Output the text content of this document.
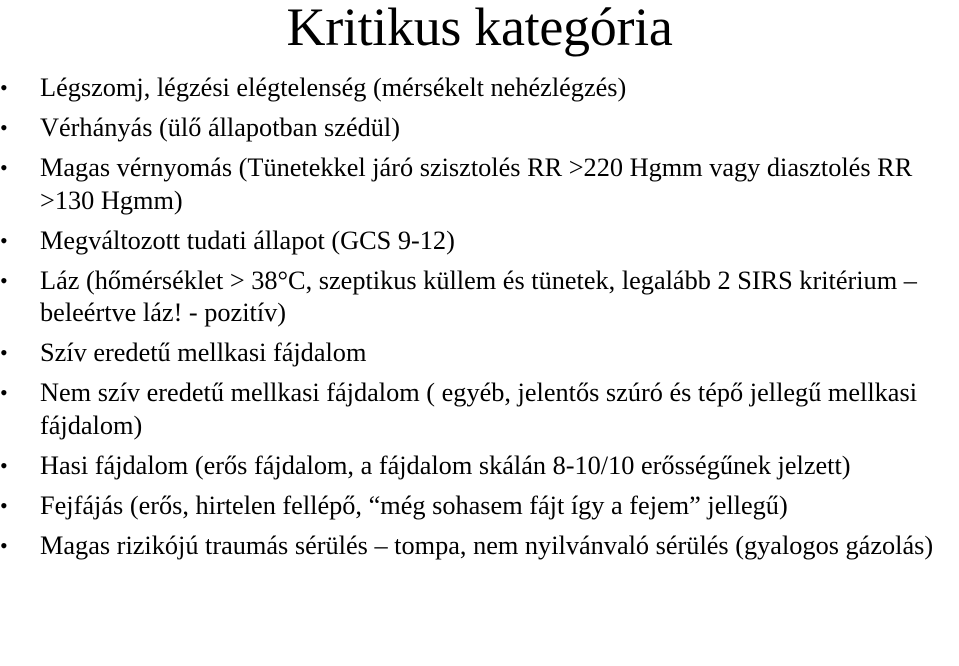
Kritikus kategória
• Légszomj, légzési elégtelenség (mérsékelt nehézlégzés)
• Vérhányás (ülő állapotban szédül)
• Magas vérnyomás (Tünetekkel járó szisztolés RR >220 Hgmm vagy diasztolés RR >130 Hgmm)
• Megváltozott tudati állapot (GCS 9-12)
• Láz (hőmérséklet > 38°C, szeptikus küllem és tünetek, legalább 2 SIRS kritérium – beleértve láz! - pozitív)
• Szív eredetű mellkasi fájdalom
• Nem szív eredetű mellkasi fájdalom ( egyéb, jelentős szúró és tépő jellegű mellkasi fájdalom)
• Hasi fájdalom (erős fájdalom, a fájdalom skálán 8-10/10 erősségűnek jelzett)
• Fejfájás (erős, hirtelen fellépő, “még sohasem fájt így a fejem” jellegű)
• Magas rizikójú traumás sérülés – tompa, nem nyilvánvaló sérülés (gyalogos gázolás)
